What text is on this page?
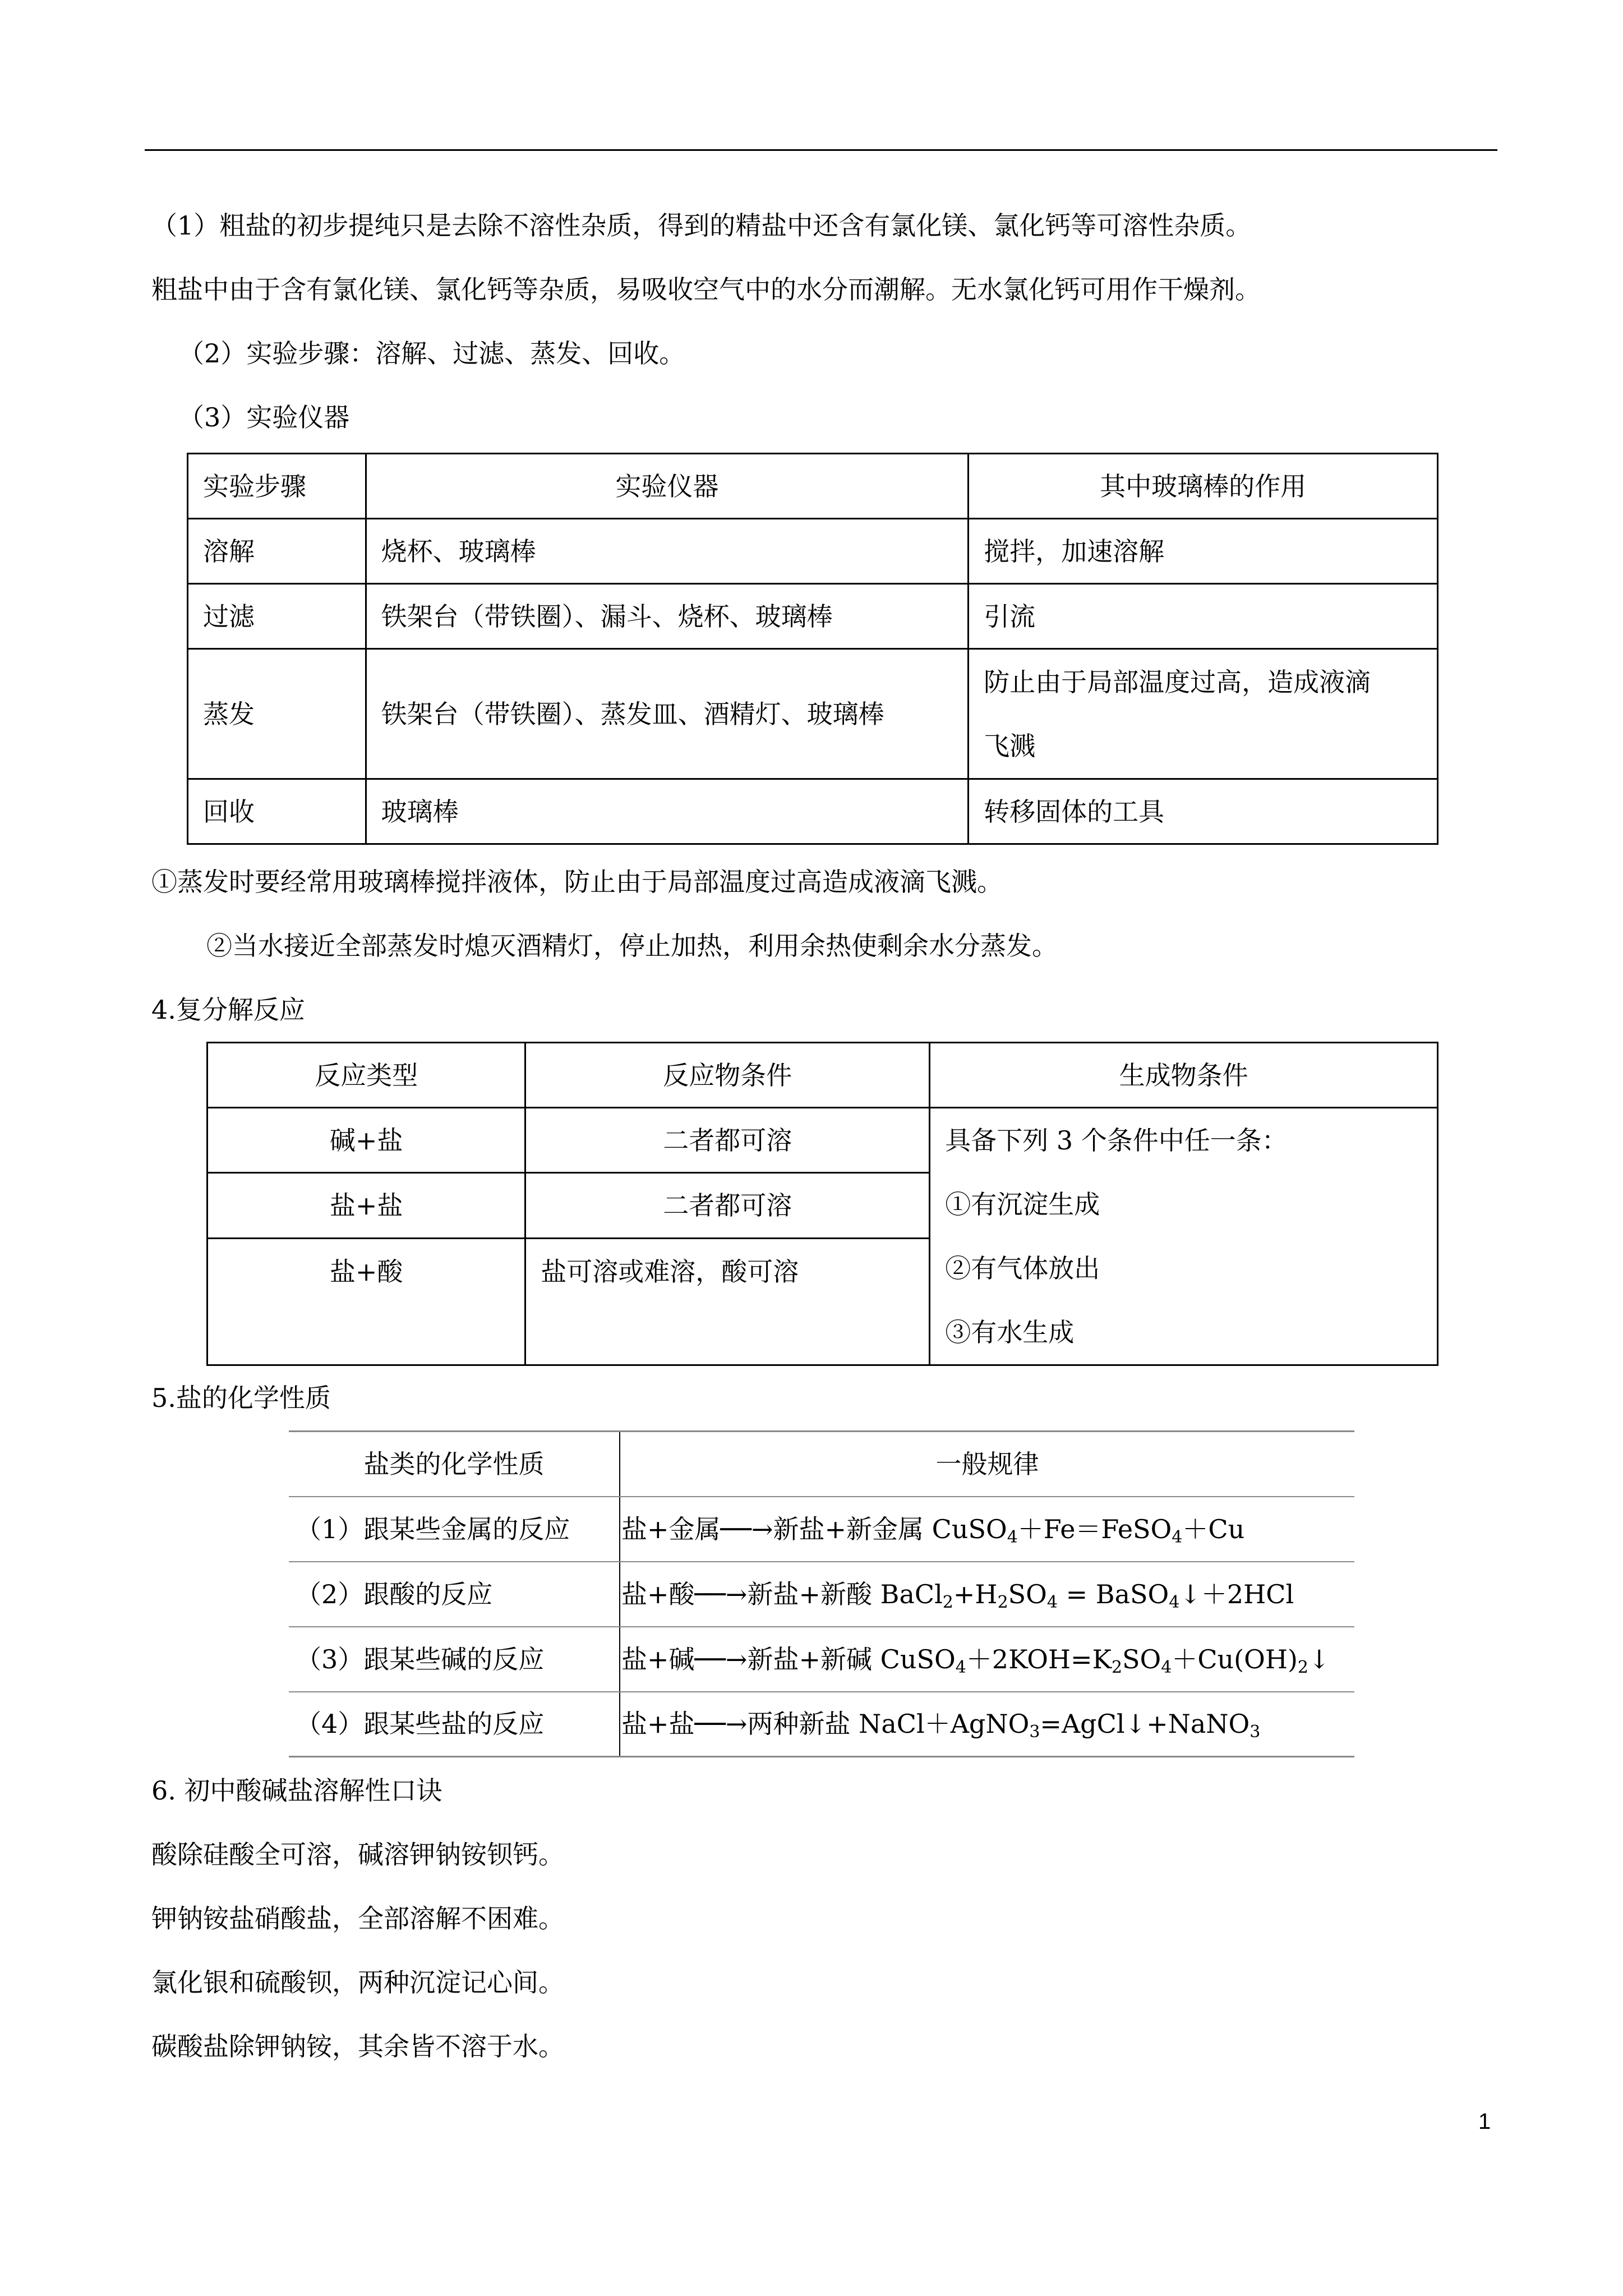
（1）粗盐的初步提纯只是去除不溶性杂质，得到的精盐中还含有氯化镁、氯化钙等可溶性杂质。
粗盐中由于含有氯化镁、氯化钙等杂质，易吸收空气中的水分而潮解。无水氯化钙可用作干燥剂。
（2）实验步骤：溶解、过滤、蒸发、回收。
（3）实验仪器
实验步骤	实验仪器	其中玻璃棒的作用
溶解	烧杯、玻璃棒	搅拌，加速溶解
过滤	铁架台（带铁圈）、漏斗、烧杯、玻璃棒	引流
蒸发	铁架台（带铁圈）、蒸发皿、酒精灯、玻璃棒	防止由于局部温度过高，造成液滴
飞溅

回收	玻璃棒	转移固体的工具
①蒸发时要经常用玻璃棒搅拌液体，防止由于局部温度过高造成液滴飞溅。
②当水接近全部蒸发时熄灭酒精灯，停止加热，利用余热使剩余水分蒸发。
4.复分解反应
反应类型	反应物条件	生成物条件
碱+盐	二者都可溶	具备下列 3 个条件中任一条：
①有沉淀生成
②有气体放出
③有水生成

盐+盐	二者都可溶	
盐+酸	盐可溶或难溶，酸可溶	
5.盐的化学性质
盐类的化学性质	一般规律
（1）跟某些金属的反应	盐+金属──→新盐+新金属 CuSO$_4$＋Fe＝FeSO$_4$＋Cu
（2）跟酸的反应	盐+酸──→新盐+新酸 $BaCl_2+H_2SO_4$ = BaSO$_4$↓＋2HCl
（3）跟某些碱的反应	盐+碱──→新盐+新碱 $CuSO_4+2KOH=K_2SO_4+Cu(OH)_2↓$
（4）跟某些盐的反应	盐+盐──→两种新盐 NaCl＋AgNO$_3$=AgCl↓+NaNO$_3$
6. 初中酸碱盐溶解性口诀
酸除硅酸全可溶，碱溶钾钠铵钡钙。
钾钠铵盐硝酸盐，全部溶解不困难。
氯化银和硫酸钡，两种沉淀记心间。
碳酸盐除钾钠铵，其余皆不溶于水。
1
